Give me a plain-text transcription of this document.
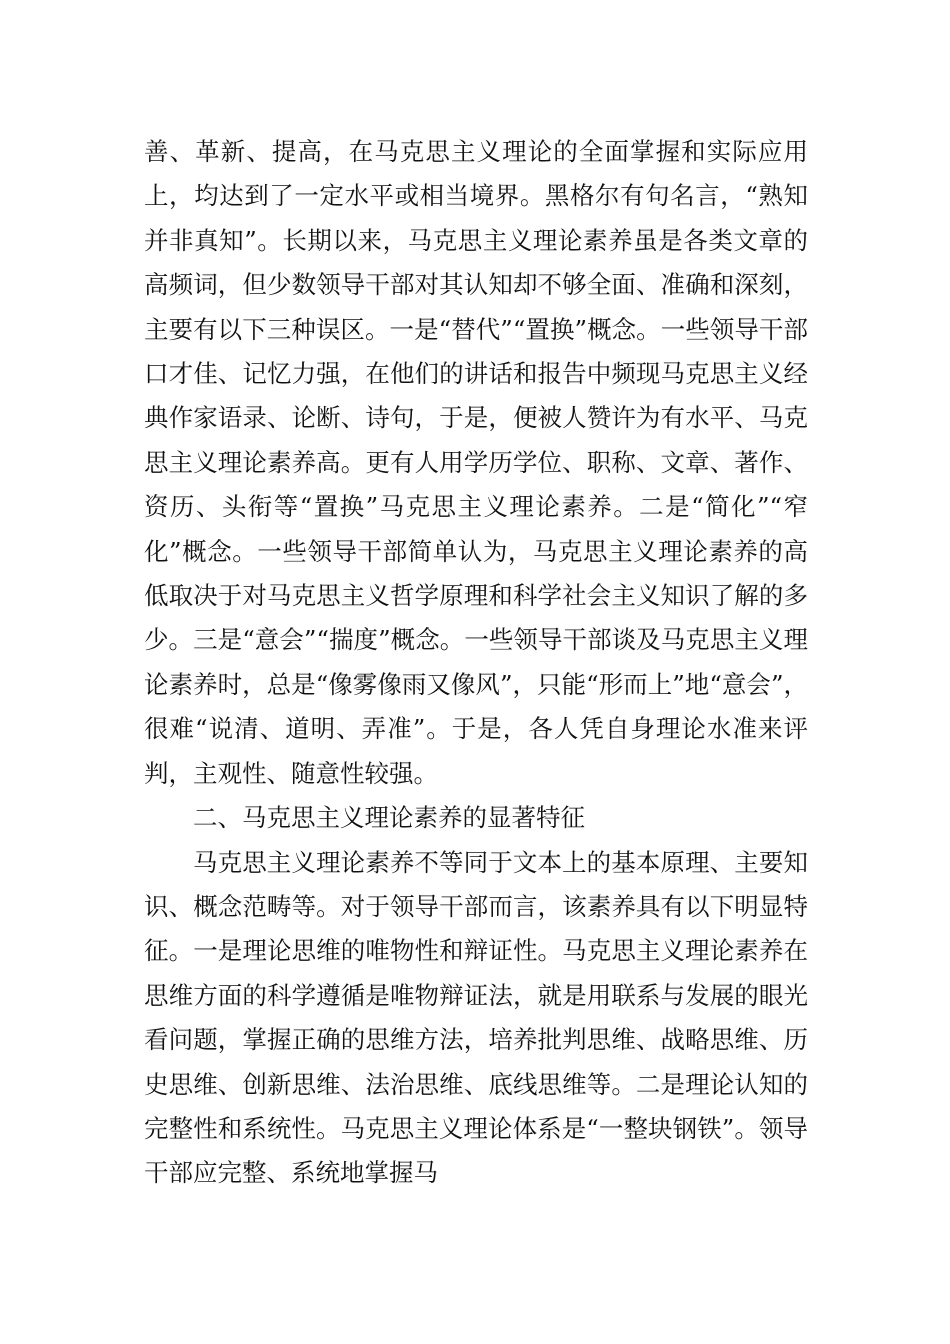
善、革新、提高，在马克思主义理论的全面掌握和实际应用上，均达到了一定水平或相当境界。黑格尔有句名言，“熟知并非真知”。长期以来，马克思主义理论素养虽是各类文章的高频词，但少数领导干部对其认知却不够全面、准确和深刻，主要有以下三种误区。一是“替代”“置换”概念。一些领导干部口才佳、记忆力强，在他们的讲话和报告中频现马克思主义经典作家语录、论断、诗句，于是，便被人赞许为有水平、马克思主义理论素养高。更有人用学历学位、职称、文章、著作、资历、头衔等“置换”马克思主义理论素养。二是“简化”“窄化”概念。一些领导干部简单认为，马克思主义理论素养的高低取决于对马克思主义哲学原理和科学社会主义知识了解的多少。三是“意会”“揣度”概念。一些领导干部谈及马克思主义理论素养时，总是“像雾像雨又像风”，只能“形而上”地“意会”，很难“说清、道明、弄准”。于是，各人凭自身理论水准来评判，主观性、随意性较强。

二、马克思主义理论素养的显著特征

马克思主义理论素养不等同于文本上的基本原理、主要知识、概念范畴等。对于领导干部而言，该素养具有以下明显特征。一是理论思维的唯物性和辩证性。马克思主义理论素养在思维方面的科学遵循是唯物辩证法，就是用联系与发展的眼光看问题，掌握正确的思维方法，培养批判思维、战略思维、历史思维、创新思维、法治思维、底线思维等。二是理论认知的完整性和系统性。马克思主义理论体系是“一整块钢铁”。领导干部应完整、系统地掌握马
